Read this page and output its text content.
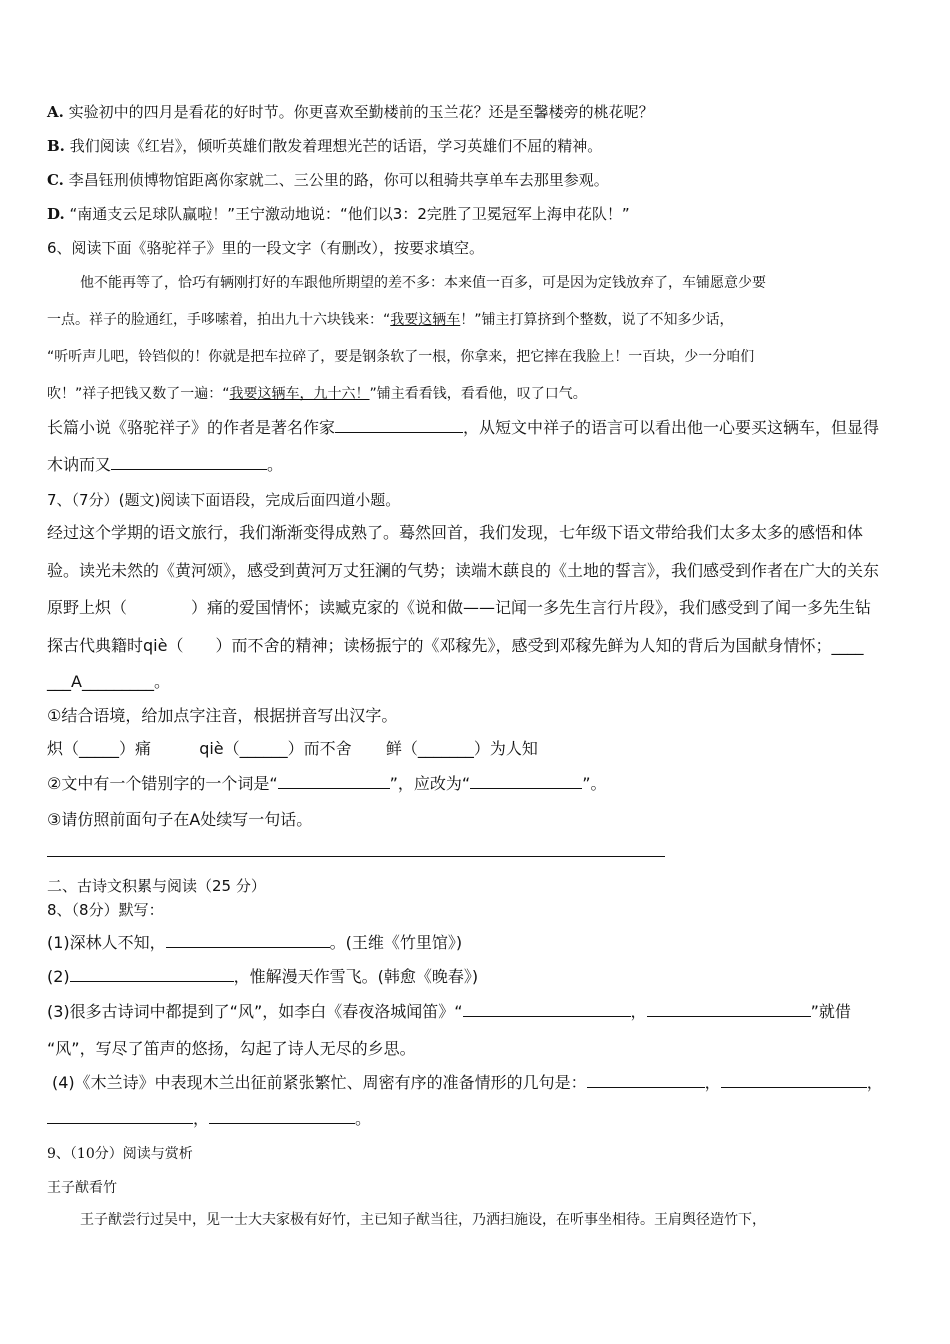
A. 实验初中的四月是看花的好时节。你更喜欢至勤楼前的玉兰花？还是至馨楼旁的桃花呢？
B. 我们阅读《红岩》，倾听英雄们散发着理想光芒的话语，学习英雄们不屈的精神。
C. 李昌钰刑侦博物馆距离你家就二、三公里的路，你可以租骑共享单车去那里参观。
D. “南通支云足球队赢啦！”王宁激动地说：“他们以3：2完胜了卫冕冠军上海申花队！”
6、阅读下面《骆驼祥子》里的一段文字（有删改），按要求填空。
他不能再等了，恰巧有辆刚打好的车跟他所期望的差不多：本来值一百多，可是因为定钱放弃了，车铺愿意少要
一点。祥子的脸通红，手哆嗦着，拍出九十六块钱来：“我要这辆车！”铺主打算挤到个整数，说了不知多少话，
“听听声儿吧，铃铛似的！你就是把车拉碎了，要是钢条软了一根，你拿来，把它摔在我脸上！一百块，少一分咱们
吹！”祥子把钱又数了一遍：“我要这辆车，九十六！”铺主看看钱，看看他，叹了口气。
长篇小说《骆驼祥子》的作者是著名作家	，从短文中祥子的语言可以看出他一心要买这辆车，但显得
木讷而又	。
7、（7分）(题文)阅读下面语段，完成后面四道小题。
经过这个学期的语文旅行，我们渐渐变得成熟了。蓦然回首，我们发现，七年级下语文带给我们太多太多的感悟和体
验。读光未然的《黄河颂》，感受到黄河万丈狂澜的气势；读端木蕻良的《土地的誓言》，我们感受到作者在广大的关东
原野上炽（　　　　）痛的爱国情怀；读臧克家的《说和做——记闻一多先生言行片段》，我们感受到了闻一多先生钻
探古代典籍时qiè（　　）而不舍的精神；读杨振宁的《邓稼先》，感受到邓稼先鲜为人知的背后为国献身情怀；____
___A_________。
①结合语境，给加点字注音，根据拼音写出汉字。
炽（_____）痛	qiè（______）而不舍 鲜（_______）为人知
②文中有一个错别字的一个词是“	”，应改为“	”。
③请仿照前面句子在A处续写一句话。
二、古诗文积累与阅读（25 分）
8、（8分）默写：
(1)深林人不知，	。(王维《竹里馆》)
(2)	，惟解漫天作雪飞。(韩愈《晚春》)
(3)很多古诗词中都提到了“风”，如李白《春夜洛城闻笛》“	，	”就借
“风”，写尽了笛声的悠扬，勾起了诗人无尽的乡思。
(4)《木兰诗》中表现木兰出征前紧张繁忙、周密有序的准备情形的几句是：	，	，
，	。
9、（10分）阅读与赏析
王子猷看竹
王子猷尝行过吴中，见一士大夫家极有好竹，主已知子猷当往，乃洒扫施设，在听事坐相待。王肩舆径造竹下，
